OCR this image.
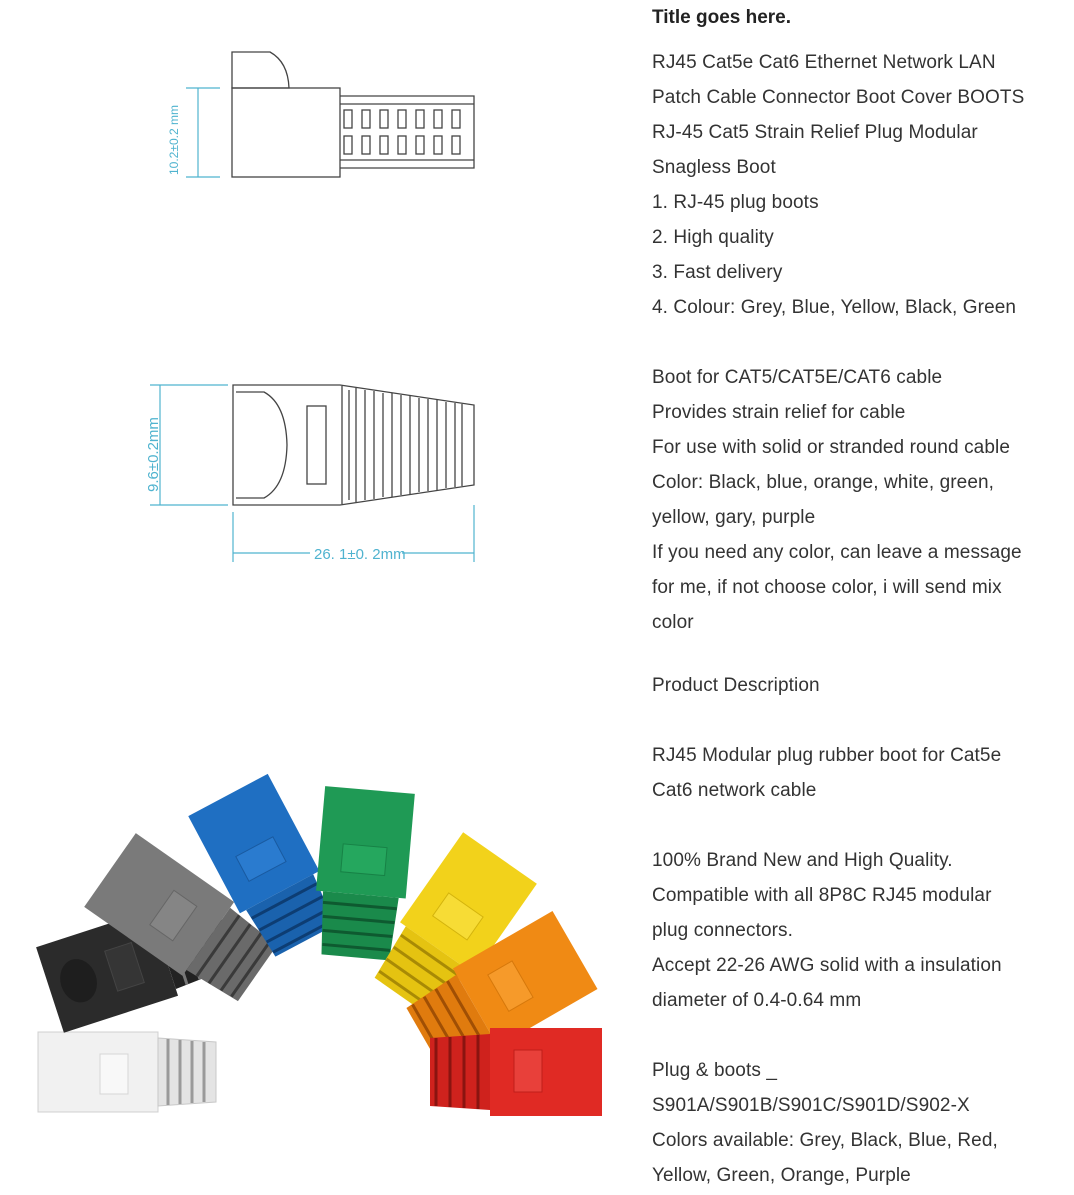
10.2±0.2 mm
9.6±0.2mm
26. 1±0. 2mm

Title goes here.

RJ45 Cat5e Cat6 Ethernet Network LAN

Patch Cable Connector Boot Cover BOOTS

RJ-45 Cat5 Strain Relief Plug Modular

Snagless Boot

1. RJ-45 plug boots

2. High quality

3. Fast delivery

4. Colour: Grey, Blue, Yellow, Black, Green

Boot for CAT5/CAT5E/CAT6 cable

Provides strain relief for cable

For use with solid or stranded round cable

Color: Black, blue, orange, white, green,

yellow, gary, purple

If you need any color, can leave a message

for me, if not choose color, i will send mix

color

Product Description

RJ45 Modular plug rubber boot for Cat5e

Cat6 network cable

100% Brand New and High Quality.

Compatible with all 8P8C RJ45 modular

plug connectors.

Accept 22-26 AWG solid with a insulation

diameter of 0.4-0.64 mm

Plug & boots _

S901A/S901B/S901C/S901D/S902-X

Colors available: Grey, Black, Blue, Red,

Yellow, Green, Orange, Purple
